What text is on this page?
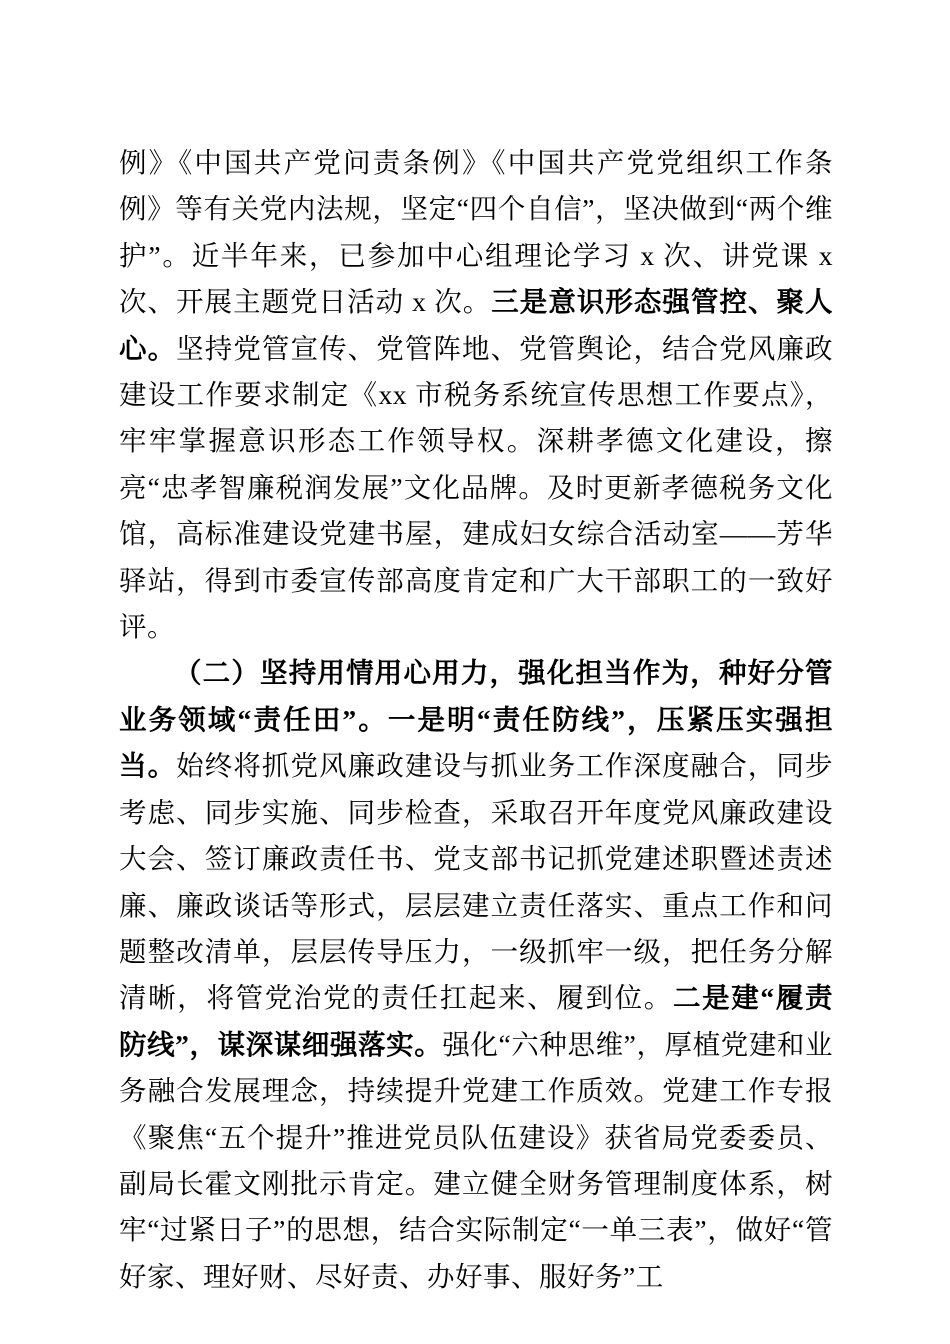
例》《中国共产党问责条例》《中国共产党党组织工作条例》等有关党内法规，坚定“四个自信”，坚决做到“两个维护”。近半年来，已参加中心组理论学习 x 次、讲党课 x 次、开展主题党日活动 x 次。三是意识形态强管控、聚人心。坚持党管宣传、党管阵地、党管舆论，结合党风廉政建设工作要求制定《xx 市税务系统宣传思想工作要点》，牢牢掌握意识形态工作领导权。深耕孝德文化建设，擦亮“忠孝智廉税润发展”文化品牌。及时更新孝德税务文化馆，高标准建设党建书屋，建成妇女综合活动室——芳华驿站，得到市委宣传部高度肯定和广大干部职工的一致好评。

（二）坚持用情用心用力，强化担当作为，种好分管业务领域“责任田”。一是明“责任防线”，压紧压实强担当。始终将抓党风廉政建设与抓业务工作深度融合，同步考虑、同步实施、同步检查，采取召开年度党风廉政建设大会、签订廉政责任书、党支部书记抓党建述职暨述责述廉、廉政谈话等形式，层层建立责任落实、重点工作和问题整改清单，层层传导压力，一级抓牢一级，把任务分解清晰，将管党治党的责任扛起来、履到位。二是建“履责防线”，谋深谋细强落实。强化“六种思维”，厚植党建和业务融合发展理念，持续提升党建工作质效。党建工作专报《聚焦“五个提升”推进党员队伍建设》获省局党委委员、副局长霍文刚批示肯定。建立健全财务管理制度体系，树牢“过紧日子”的思想，结合实际制定“一单三表”，做好“管好家、理好财、尽好责、办好事、服好务”工
